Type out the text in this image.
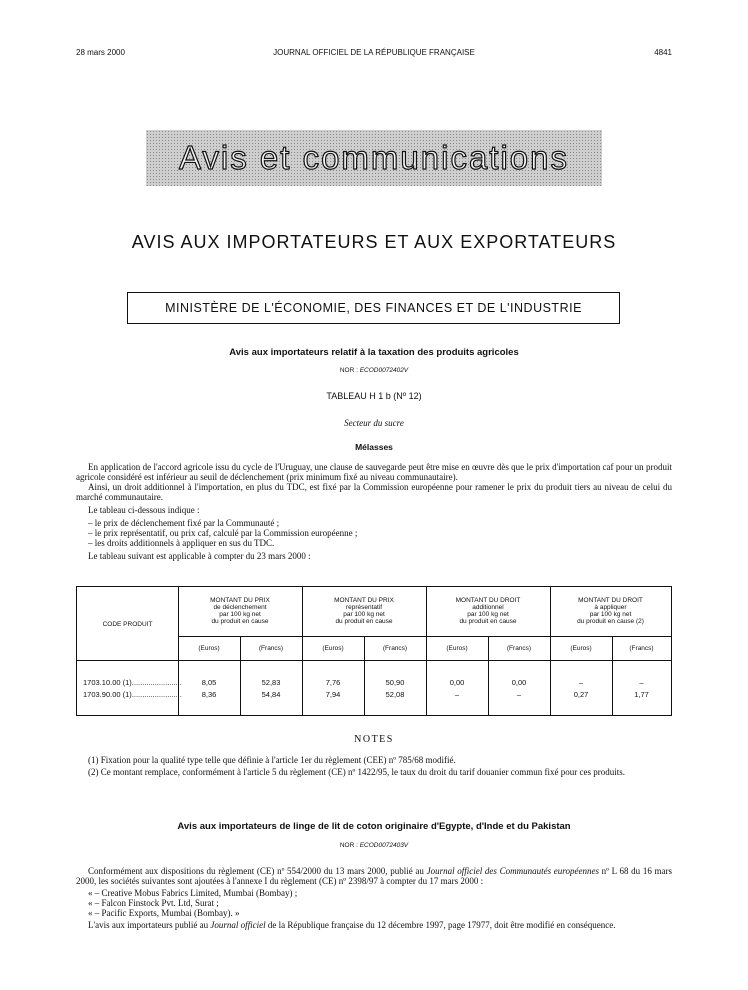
28 mars 2000	JOURNAL OFFICIEL DE LA RÉPUBLIQUE FRANÇAISE	4841
Avis et communications
AVIS AUX IMPORTATEURS ET AUX EXPORTATEURS
MINISTÈRE DE L'ÉCONOMIE, DES FINANCES ET DE L'INDUSTRIE
Avis aux importateurs relatif à la taxation des produits agricoles
NOR : ECOD0072402V
TABLEAU H 1 b (Nº 12)
Secteur du sucre
Mélasses

En application de l'accord agricole issu du cycle de l'Uruguay, une clause de sauvegarde peut être mise en œuvre dès que le prix d'importation caf pour un produit agricole considéré est inférieur au seuil de déclenchement (prix minimum fixé au niveau communautaire).

Ainsi, un droit additionnel à l'importation, en plus du TDC, est fixé par la Commission européenne pour ramener le prix du produit tiers au niveau de celui du marché communautaire.

Le tableau ci-dessous indique :

– le prix de déclenchement fixé par la Communauté ;

– le prix représentatif, ou prix caf, calculé par la Commission européenne ;

– les droits additionnels à appliquer en sus du TDC.

Le tableau suivant est applicable à compter du 23 mars 2000 :

CODE PRODUIT
MONTANT DU PRIX
de déclenchement
par 100 kg net
du produit en cause
MONTANT DU PRIX
représentatif
par 100 kg net
du produit en cause
MONTANT DU DROIT
additionnel
par 100 kg net
du produit en cause
MONTANT DU DROIT
à appliquer
par 100 kg net
du produit en cause (2)
(Euros)	(Francs)	(Euros)	(Francs)	(Euros)	(Francs)	(Euros)	(Francs)
1703.10.00 (1)........................	8,05	52,83	7,76	50,90	0,00	0,00	–	–
1703.90.00 (1)........................	8,36	54,84	7,94	52,08	–	–	0,27	1,77
NOTES

(1) Fixation pour la qualité type telle que définie à l'article 1er du règlement (CEE) nº 785/68 modifié.

(2) Ce montant remplace, conformément à l'article 5 du règlement (CE) nº 1422/95, le taux du droit du tarif douanier commun fixé pour ces produits.

Avis aux importateurs de linge de lit de coton originaire d'Egypte, d'Inde et du Pakistan
NOR : ECOD0072403V

Conformément aux dispositions du règlement (CE) nº 554/2000 du 13 mars 2000, publié au Journal officiel des Communautés européennes nº L 68 du 16 mars 2000, les sociétés suivantes sont ajoutées à l'annexe I du règlement (CE) nº 2398/97 à compter du 17 mars 2000 :

« – Creative Mobus Fabrics Limited, Mumbai (Bombay) ;

« – Falcon Finstock Pvt. Ltd, Surat ;

« – Pacific Exports, Mumbai (Bombay). »

L'avis aux importateurs publié au Journal officiel de la République française du 12 décembre 1997, page 17977, doit être modifié en conséquence.
